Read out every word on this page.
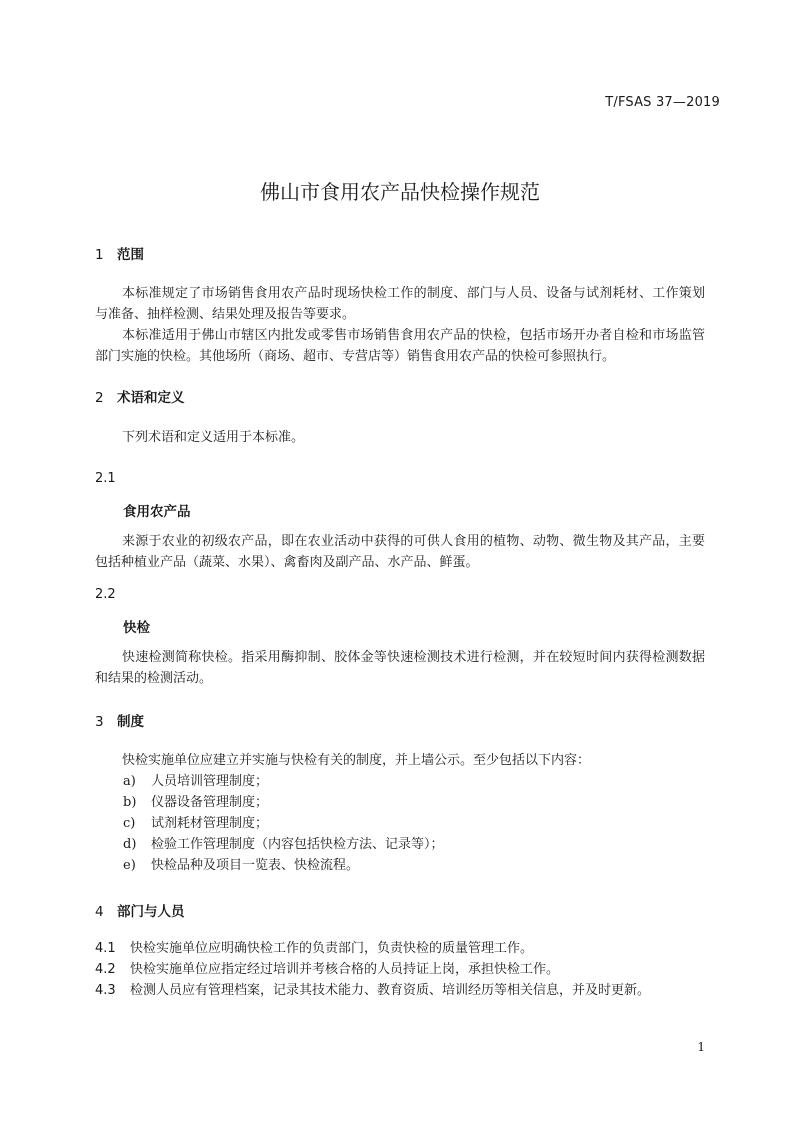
T/FSAS 37—2019
佛山市食用农产品快检操作规范
1 范围
本标准规定了市场销售食用农产品时现场快检工作的制度、部门与人员、设备与试剂耗材、工作策划与准备、抽样检测、结果处理及报告等要求。
本标准适用于佛山市辖区内批发或零售市场销售食用农产品的快检，包括市场开办者自检和市场监管部门实施的快检。其他场所（商场、超市、专营店等）销售食用农产品的快检可参照执行。
2 术语和定义
下列术语和定义适用于本标准。
2.1
食用农产品
来源于农业的初级农产品，即在农业活动中获得的可供人食用的植物、动物、微生物及其产品，主要包括种植业产品（蔬菜、水果）、禽畜肉及副产品、水产品、鲜蛋。
2.2
快检
快速检测简称快检。指采用酶抑制、胶体金等快速检测技术进行检测，并在较短时间内获得检测数据和结果的检测活动。
3 制度
快检实施单位应建立并实施与快检有关的制度，并上墙公示。至少包括以下内容：
a) 人员培训管理制度；
b) 仪器设备管理制度；
c) 试剂耗材管理制度；
d) 检验工作管理制度（内容包括快检方法、记录等）；
e) 快检品种及项目一览表、快检流程。
4 部门与人员
4.1 快检实施单位应明确快检工作的负责部门，负责快检的质量管理工作。
4.2 快检实施单位应指定经过培训并考核合格的人员持证上岗，承担快检工作。
4.3 检测人员应有管理档案，记录其技术能力、教育资质、培训经历等相关信息，并及时更新。
1
